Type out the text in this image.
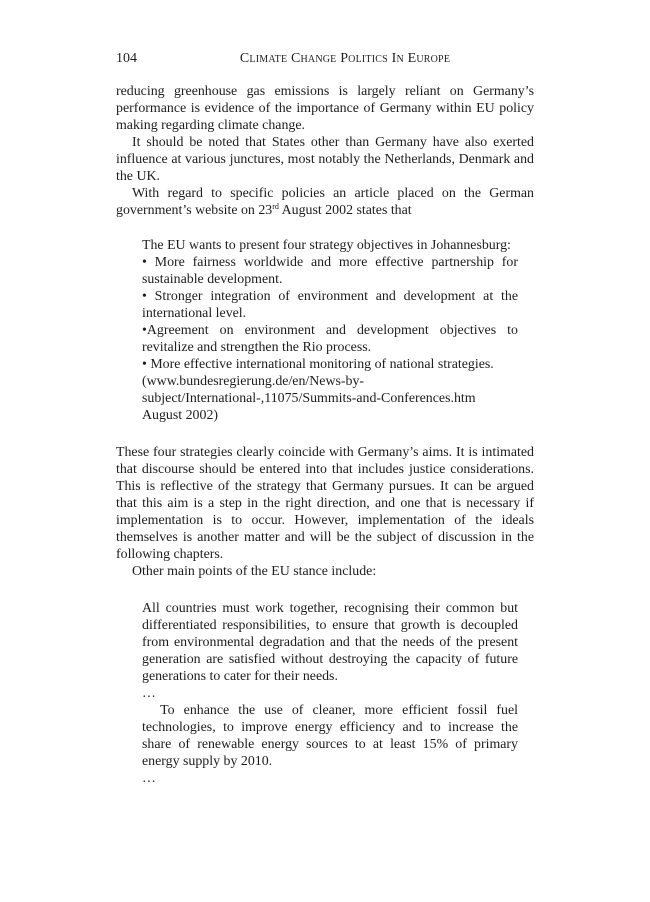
104	Climate Change Politics In Europe

reducing greenhouse gas emissions is largely reliant on Germany’s performance is evidence of the importance of Germany within EU policy making regarding climate change.

It should be noted that States other than Germany have also exerted influence at various junctures, most notably the Netherlands, Denmark and the UK.

With regard to specific policies an article placed on the German government’s website on 23rd August 2002 states that

The EU wants to present four strategy objectives in Johannesburg:

• More fairness worldwide and more effective partnership for sustainable development.

• Stronger integration of environment and development at the international level.

•Agreement on environment and development objectives to revitalize and strengthen the Rio process.

• More effective international monitoring of national strategies.

(www.bundesregierung.de/en/News-by-subject/International-,11075/Summits-and-Conferences.htm August 2002)

These four strategies clearly coincide with Germany’s aims. It is intimated that discourse should be entered into that includes justice considerations. This is reflective of the strategy that Germany pursues. It can be argued that this aim is a step in the right direction, and one that is necessary if implementation is to occur. However, implementation of the ideals themselves is another matter and will be the subject of discussion in the following chapters.

Other main points of the EU stance include:

All countries must work together, recognising their common but differentiated responsibilities, to ensure that growth is decoupled from environmental degradation and that the needs of the present generation are satisfied without destroying the capacity of future generations to cater for their needs.

…

To enhance the use of cleaner, more efficient fossil fuel technologies, to improve energy efficiency and to increase the share of renewable energy sources to at least 15% of primary energy supply by 2010.

…
